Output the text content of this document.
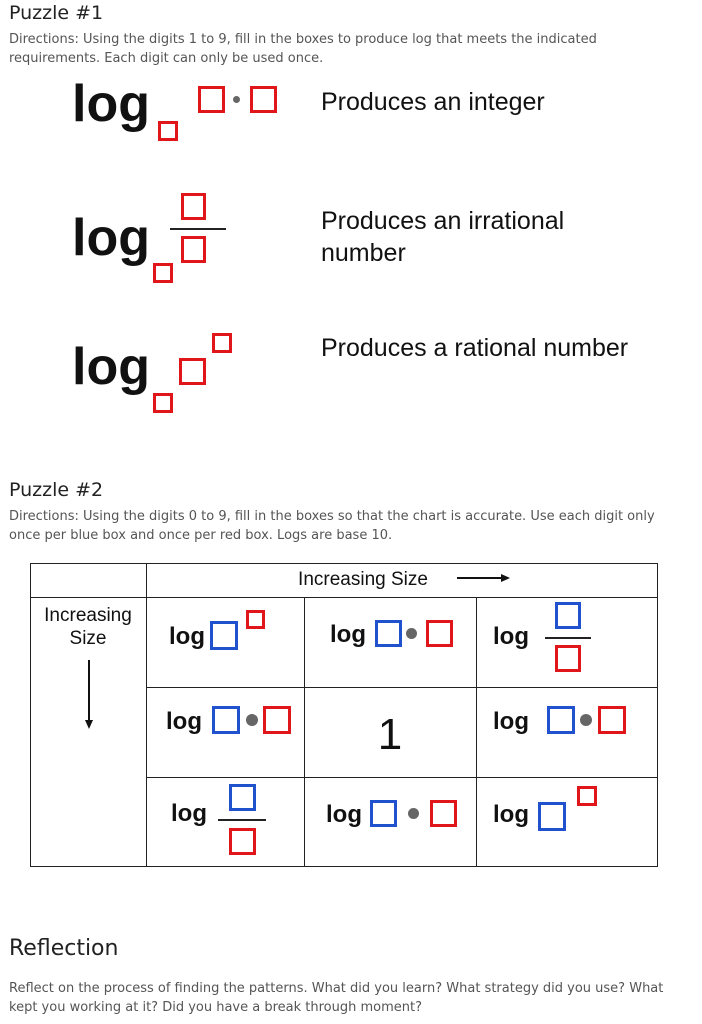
Puzzle #1
Directions: Using the digits 1 to 9, fill in the boxes to produce log that meets the indicated requirements. Each digit can only be used once.
log	Produces an integer
log	Produces an irrational number
log	Produces a rational number
Puzzle #2
Directions: Using the digits 0 to 9, fill in the boxes so that the chart is accurate. Use each digit only once per blue box and once per red box. Logs are base 10.
Increasing Size
Increasing Size	log	log	log
log	1	log
log	log	log
Reflection
Reflect on the process of finding the patterns. What did you learn? What strategy did you use? What kept you working at it? Did you have a break through moment?
